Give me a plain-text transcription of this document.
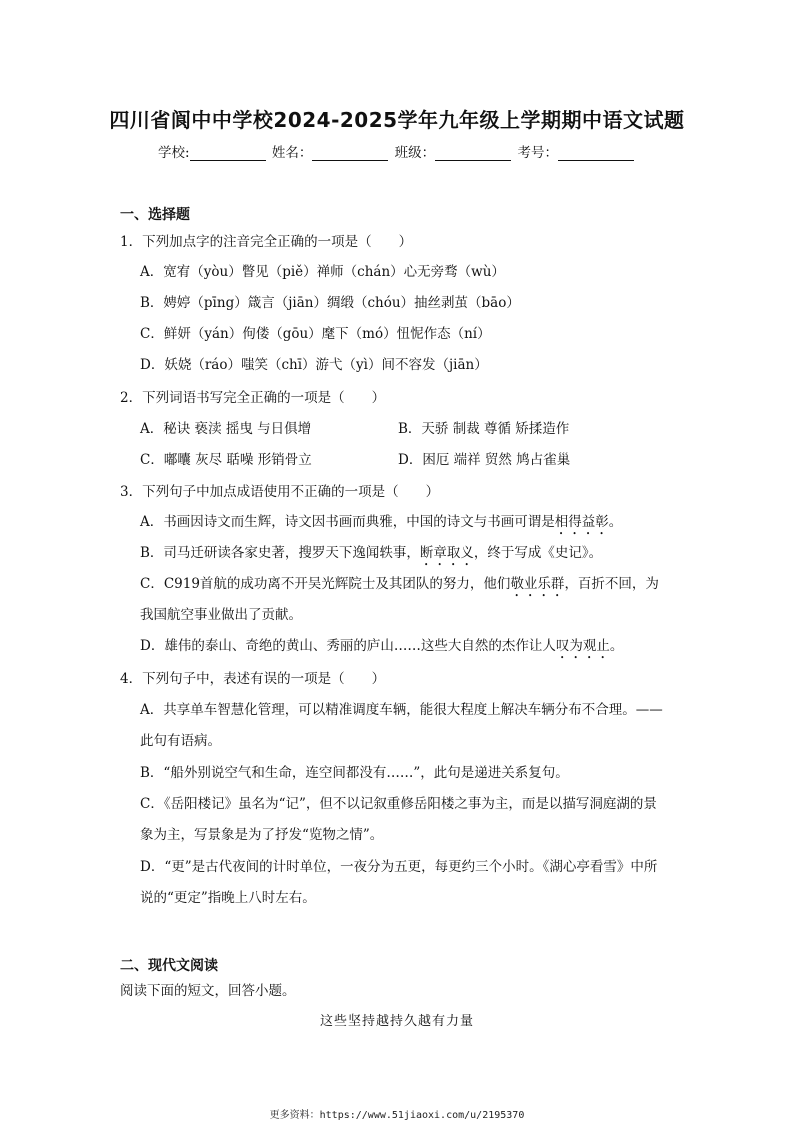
四川省阆中中学校2024-2025学年九年级上学期期中语文试题
学校:	姓名：	班级：	考号：
一、选择题
1．下列加点字的注音完全正确的一项是（　　）
A．宽宥（yòu）瞥见（piě）禅师（chán）心无旁骛（wù）
B．娉婷（pīng）箴言（jiān）绸缎（chóu）抽丝剥茧（bāo）
C．鲜妍（yán）佝偻（gōu）麾下（mó）忸怩作态（ní）
D．妖娆（ráo）嗤笑（chī）游弋（yì）间不容发（jiān）
2．下列词语书写完全正确的一项是（　　）
A．秘诀 亵渎 摇曳 与日俱增	B．天骄 制裁 尊循 矫揉造作
C．嘟囔 灰尽 聒噪 形销骨立	D．困厄 端祥 贸然 鸠占雀巢
3．下列句子中加点成语使用不正确的一项是（　　）
A．书画因诗文而生辉，诗文因书画而典雅，中国的诗文与书画可谓是相得益彰。
B．司马迁研读各家史著，搜罗天下逸闻轶事，断章取义，终于写成《史记》。
C．C919首航的成功离不开吴光辉院士及其团队的努力，他们敬业乐群，百折不回，为
我国航空事业做出了贡献。
D．雄伟的泰山、奇绝的黄山、秀丽的庐山……这些大自然的杰作让人叹为观止。
4．下列句子中，表述有误的一项是（　　）
A．共享单车智慧化管理，可以精准调度车辆，能很大程度上解决车辆分布不合理。——
此句有语病。
B．“船外别说空气和生命，连空间都没有……”，此句是递进关系复句。
C．《岳阳楼记》虽名为“记”，但不以记叙重修岳阳楼之事为主，而是以描写洞庭湖的景
象为主，写景象是为了抒发“览物之情”。
D．“更”是古代夜间的计时单位，一夜分为五更，每更约三个小时。《湖心亭看雪》中所
说的“更定”指晚上八时左右。
二、现代文阅读
阅读下面的短文，回答小题。
这些坚持越持久越有力量
更多资料：https://www.51jiaoxi.com/u/2195370
